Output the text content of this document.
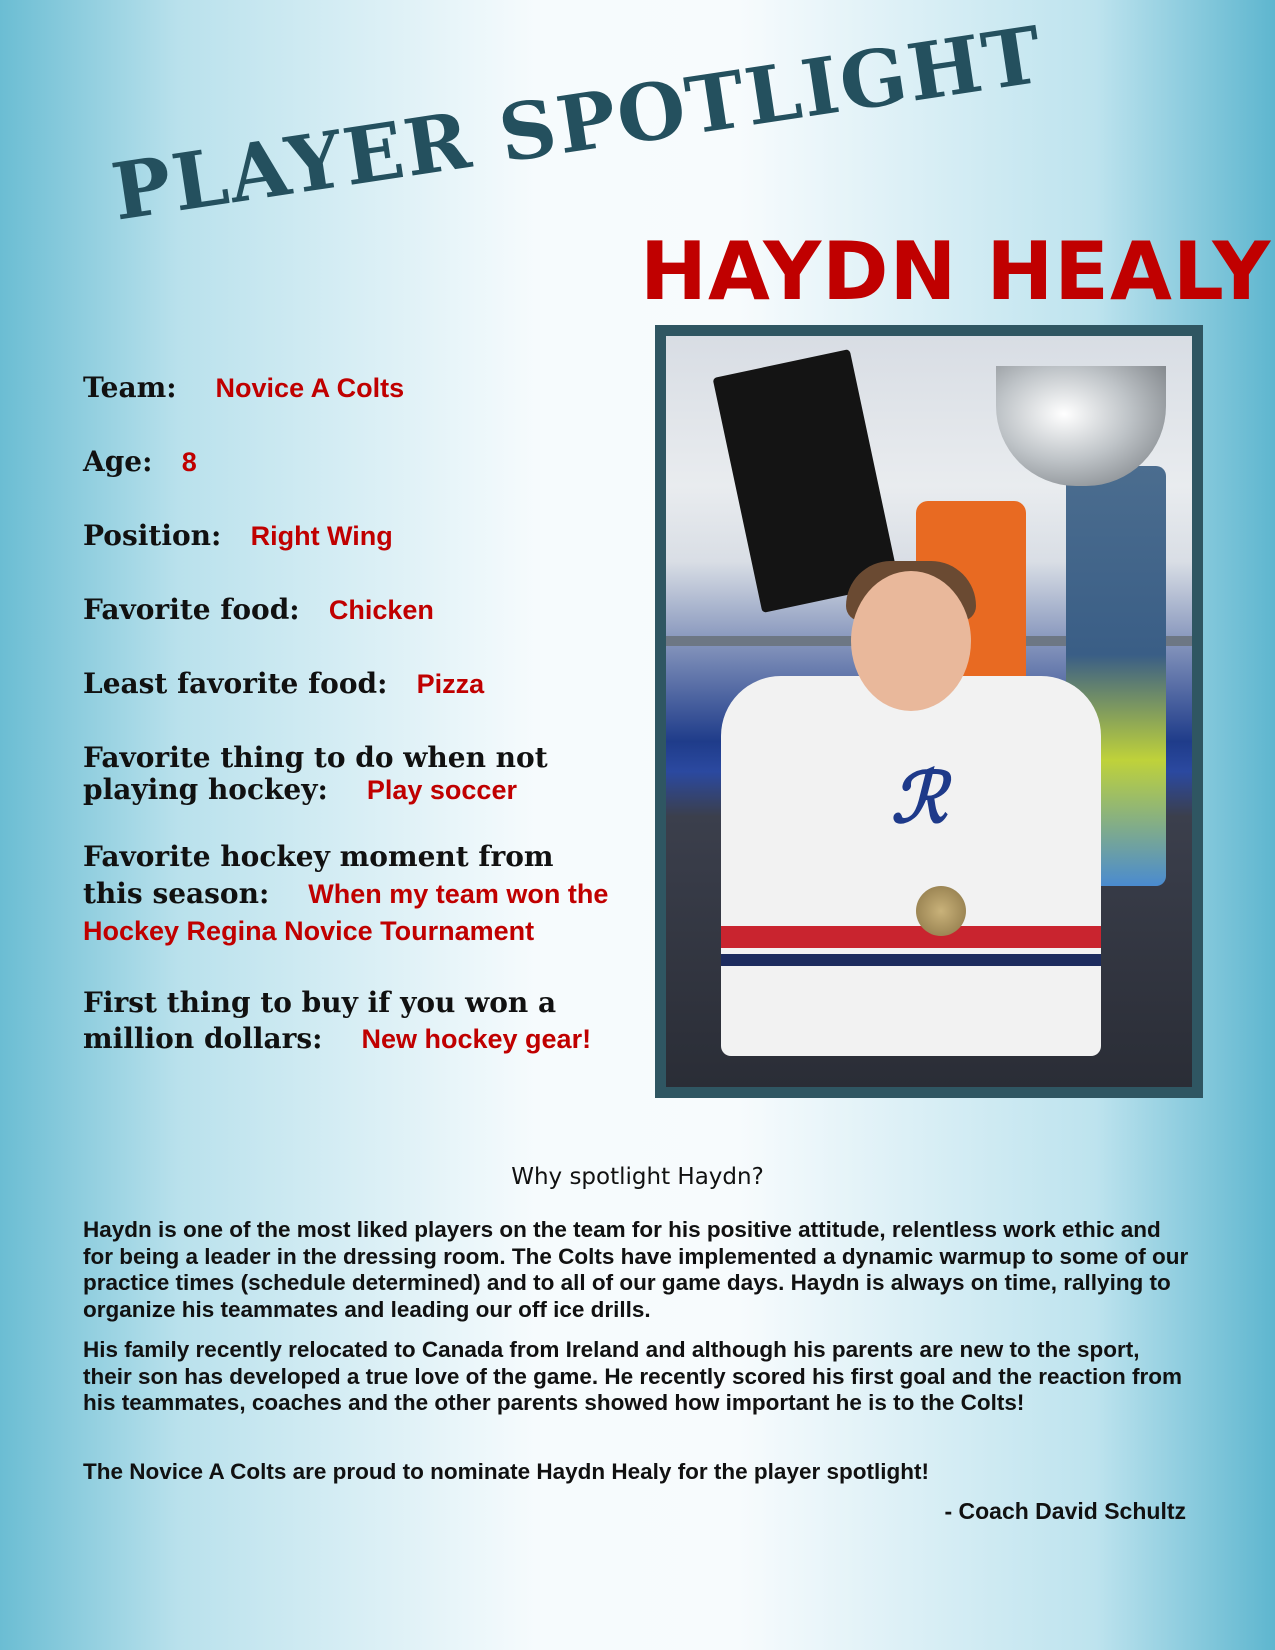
PLAYER SPOTLIGHT
HAYDN HEALY
ℛ
Team: Novice A Colts
Age: 8
Position: Right Wing
Favorite food: Chicken
Least favorite food: Pizza
Favorite thing to do when not
playing hockey: Play soccer
Favorite hockey moment from
this season: When my team won the
Hockey Regina Novice Tournament
First thing to buy if you won a
million dollars: New hockey gear!
Why spotlight Haydn?
Haydn is one of the most liked players on the team for his positive attitude, relentless work ethic and for being a leader in the dressing room. The Colts have implemented a dynamic warmup to some of our practice times (schedule determined) and to all of our game days. Haydn is always on time, rallying to organize his teammates and leading our off ice drills.
His family recently relocated to Canada from Ireland and although his parents are new to the sport, their son has developed a true love of the game. He recently scored his first goal and the reaction from his teammates, coaches and the other parents showed how important he is to the Colts!
The Novice A Colts are proud to nominate Haydn Healy for the player spotlight!
- Coach David Schultz
